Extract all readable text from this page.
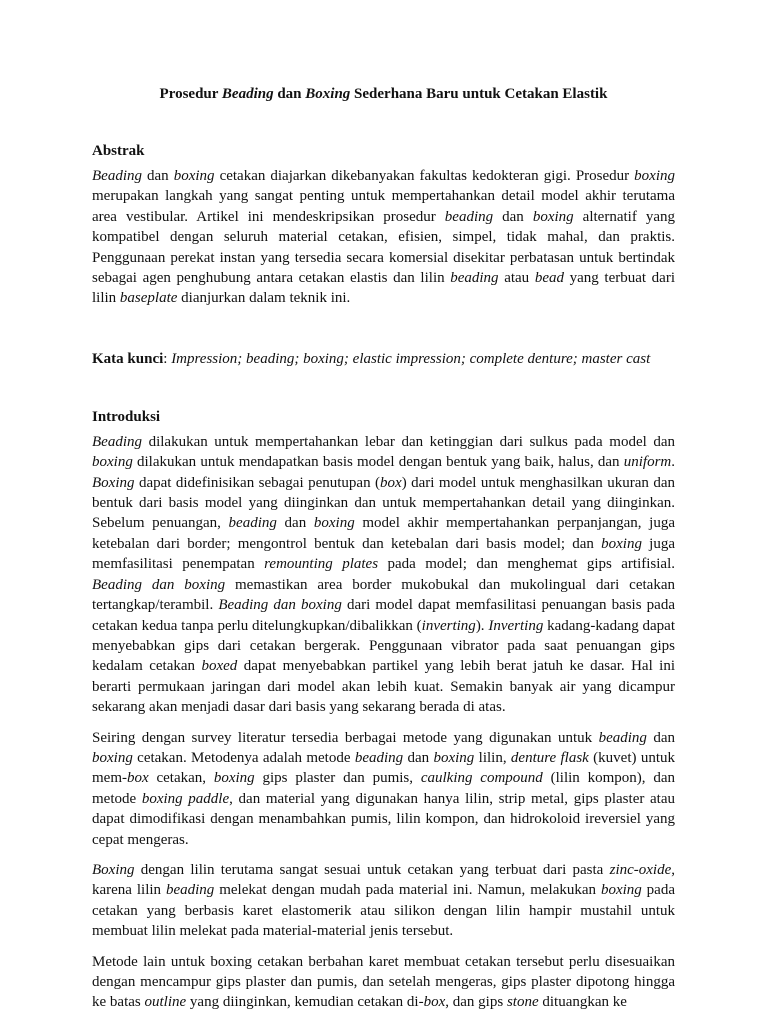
Prosedur Beading dan Boxing Sederhana Baru untuk Cetakan Elastik
Abstrak

Beading dan boxing cetakan diajarkan dikebanyakan fakultas kedokteran gigi. Prosedur boxing merupakan langkah yang sangat penting untuk mempertahankan detail model akhir terutama area vestibular. Artikel ini mendeskripsikan prosedur beading dan boxing alternatif yang kompatibel dengan seluruh material cetakan, efisien, simpel, tidak mahal, dan praktis. Penggunaan perekat instan yang tersedia secara komersial disekitar perbatasan untuk bertindak sebagai agen penghubung antara cetakan elastis dan lilin beading atau bead yang terbuat dari lilin baseplate dianjurkan dalam teknik ini.

Kata kunci: Impression; beading; boxing; elastic impression; complete denture; master cast
Introduksi

Beading dilakukan untuk mempertahankan lebar dan ketinggian dari sulkus pada model dan boxing dilakukan untuk mendapatkan basis model dengan bentuk yang baik, halus, dan uniform. Boxing dapat didefinisikan sebagai penutupan (box) dari model untuk menghasilkan ukuran dan bentuk dari basis model yang diinginkan dan untuk mempertahankan detail yang diinginkan. Sebelum penuangan, beading dan boxing model akhir mempertahankan perpanjangan, juga ketebalan dari border; mengontrol bentuk dan ketebalan dari basis model; dan boxing juga memfasilitasi penempatan remounting plates pada model; dan menghemat gips artifisial. Beading dan boxing memastikan area border mukobukal dan mukolingual dari cetakan tertangkap/terambil. Beading dan boxing dari model dapat memfasilitasi penuangan basis pada cetakan kedua tanpa perlu ditelungkupkan/dibalikkan (inverting). Inverting kadang-kadang dapat menyebabkan gips dari cetakan bergerak. Penggunaan vibrator pada saat penuangan gips kedalam cetakan boxed dapat menyebabkan partikel yang lebih berat jatuh ke dasar. Hal ini berarti permukaan jaringan dari model akan lebih kuat. Semakin banyak air yang dicampur sekarang akan menjadi dasar dari basis yang sekarang berada di atas.

Seiring dengan survey literatur tersedia berbagai metode yang digunakan untuk beading dan boxing cetakan. Metodenya adalah metode beading dan boxing lilin, denture flask (kuvet) untuk mem-box cetakan, boxing gips plaster dan pumis, caulking compound (lilin kompon), dan metode boxing paddle, dan material yang digunakan hanya lilin, strip metal, gips plaster atau dapat dimodifikasi dengan menambahkan pumis, lilin kompon, dan hidrokoloid ireversiel yang cepat mengeras.

Boxing dengan lilin terutama sangat sesuai untuk cetakan yang terbuat dari pasta zinc-oxide, karena lilin beading melekat dengan mudah pada material ini. Namun, melakukan boxing pada cetakan yang berbasis karet elastomerik atau silikon dengan lilin hampir mustahil untuk membuat lilin melekat pada material-material jenis tersebut.

Metode lain untuk boxing cetakan berbahan karet membuat cetakan tersebut perlu disesuaikan dengan mencampur gips plaster dan pumis, dan setelah mengeras, gips plaster dipotong hingga ke batas outline yang diinginkan, kemudian cetakan di-box, dan gips stone dituangkan ke
